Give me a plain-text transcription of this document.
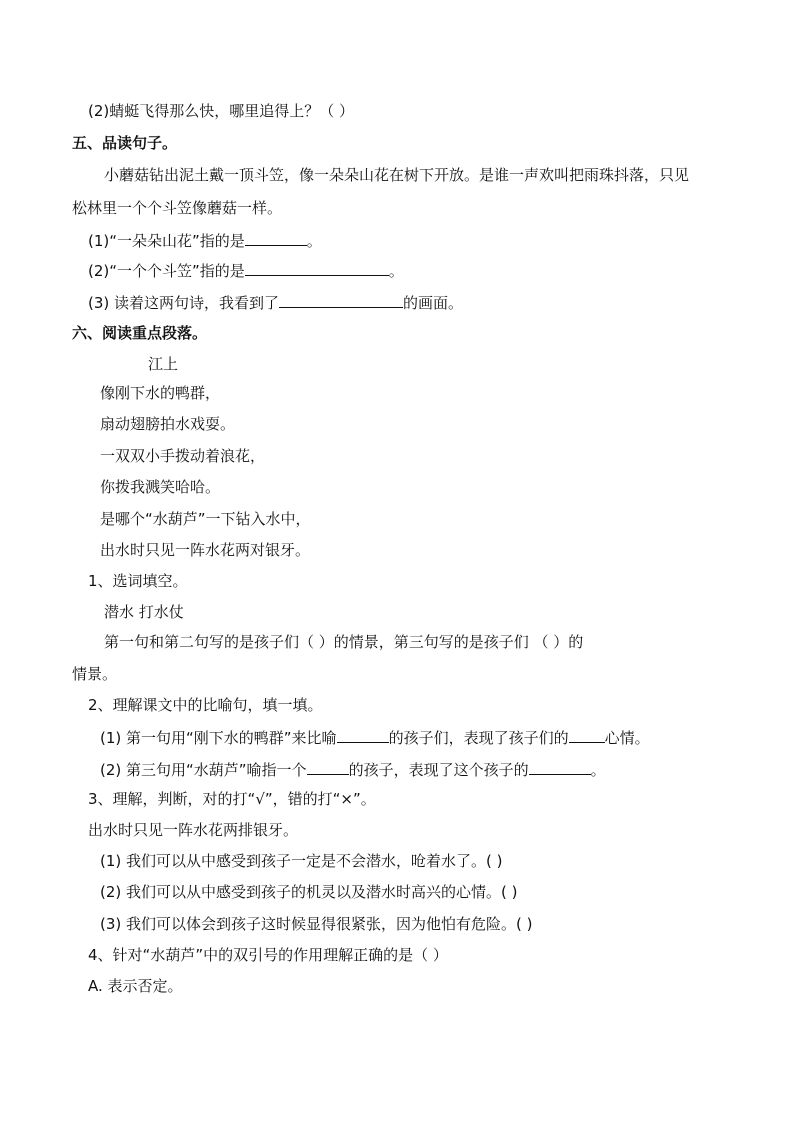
(2)蜻蜓飞得那么快，哪里追得上？（ ）
五、品读句子。
小蘑菇钻出泥土戴一顶斗笠，像一朵朵山花在树下开放。是谁一声欢叫把雨珠抖落，只见
松林里一个个斗笠像蘑菇一样。
(1)“一朵朵山花”指的是	。
(2)“一个个斗笠”指的是	。
(3) 读着这两句诗，我看到了	的画面。
六、阅读重点段落。
江上
像刚下水的鸭群，
扇动翅膀拍水戏耍。
一双双小手拨动着浪花，
你拨我溅笑哈哈。
是哪个“水葫芦”一下钻入水中，
出水时只见一阵水花两对银牙。
1、选词填空。
潜水 打水仗
第一句和第二句写的是孩子们（ ）的情景，第三句写的是孩子们 （ ）的
情景。
2、理解课文中的比喻句，填一填。
(1) 第一句用“刚下水的鸭群”来比喻	的孩子们，表现了孩子们的 心情。
(2) 第三句用“水葫芦”喻指一个	的孩子，表现了这个孩子的	。
3、理解，判断，对的打“√”，错的打“×”。
出水时只见一阵水花两排银牙。
(1) 我们可以从中感受到孩子一定是不会潜水，呛着水了。( )
(2) 我们可以从中感受到孩子的机灵以及潜水时高兴的心情。( )
(3) 我们可以体会到孩子这时候显得很紧张，因为他怕有危险。( )
4、针对“水葫芦”中的双引号的作用理解正确的是（ ）
A. 表示否定。
